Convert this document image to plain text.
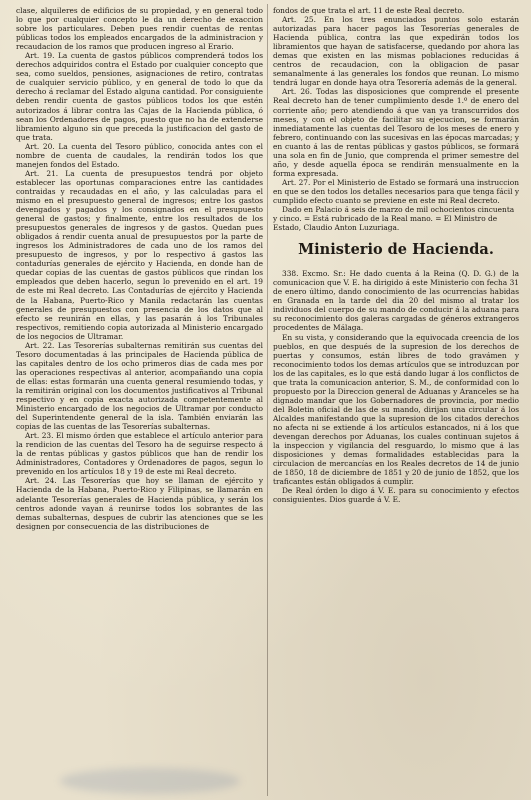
clase, alquileres de edificios de su propiedad, y en general todo lo que por cualquier concepto le da un derecho de exaccion sobre los particulares. Deben pues rendir cuentas de rentas públicas todos los empleados encargados de la administracion y recaudacion de los ramos que producen ingreso al Erario.

Art. 19. La cuenta de gastos públicos comprenderá todos los derechos adquiridos contra el Estado por cualquier concepto que sea, como sueldos, pensiones, asignaciones de retiro, contratas de cualquier servicio público, y en general de todo lo que da derecho á reclamar del Estado alguna cantidad. Por consiguiente deben rendir cuenta de gastos públicos todos los que estén autorizados á librar contra las Cajas de la Hacienda pública, ó sean los Ordenadores de pagos, puesto que no ha de extenderse libramiento alguno sin que preceda la justificacion del gasto de que trata.

Art. 20. La cuenta del Tesoro público, conocida antes con el nombre de cuenta de caudales, la rendirán todos los que manejen fondos del Estado.

Art. 21. La cuenta de presupuestos tendrá por objeto establecer las oportunas comparaciones entre las cantidades contraidas y recaudadas en el año, y las calculadas para el mismo en el presupuesto general de ingresos; entre los gastos devengados y pagados y los consignados en el presupuesto general de gastos; y finalmente, entre los resultados de los presupuestos generales de ingresos y de gastos. Quedan pues obligados á rendir cuenta anual de presupuestos por la parte de ingresos los Administradores de cada uno de los ramos del presupuesto de ingresos, y por lo respectivo á gastos las contadurías generales de ejército y Hacienda, en donde han de quedar copias de las cuentas de gastos públicos que rindan los empleados que deben hacerlo, segun lo prevenido en el art. 19 de este mi Real decreto. Las Contadurías de ejército y Hacienda de la Habana, Puerto-Rico y Manila redactarán las cuentas generales de presupuestos con presencia de los datos que al efecto se reunirán en ellas, y las pasarán á los Tribunales respectivos, remitiendo copia autorizada al Ministerio encargado de los negocios de Ultramar.

Art. 22. Las Tesorerías subalternas remitirán sus cuentas del Tesoro documentadas á las principales de Hacienda pública de las capitales dentro de los ocho primeros dias de cada mes por las operaciones respectivas al anterior, acompañando una copia de ellas: estas formarán una cuenta general resumiendo todas, y la remitirán original con los documentos justificativos al Tribunal respectivo y en copia exacta autorizada competentemente al Ministerio encargado de los negocios de Ultramar por conducto del Superintendente general de la isla. También enviarán las copias de las cuentas de las Tesorerías subalternas.

Art. 23. El mismo órden que establece el artículo anterior para la rendicion de las cuentas del Tesoro ha de seguirse respecto á la de rentas públicas y gastos públicos que han de rendir los Administradores, Contadores y Ordenadores de pagos, segun lo prevenido en los artículos 18 y 19 de este mi Real decreto.

Art. 24. Las Tesorerías que hoy se llaman de ejército y Hacienda de la Habana, Puerto-Rico y Filipinas, se llamarán en adelante Tesorerías generales de Hacienda pública, y serán los centros adonde vayan á reunirse todos los sobrantes de las demas subalternas, despues de cubrir las atenciones que se les designen por consecuencia de las distribuciones de

fondos de que trata el art. 11 de este Real decreto.

Art. 25. En los tres enunciados puntos solo estarán autorizadas para hacer pagos las Tesorerías generales de Hacienda pública, contra las que expedirán todos los libramientos que hayan de satisfacerse, quedando por ahora las demas que existen en las mismas poblaciones reducidas á centros de recaudacion, con la obligacion de pasar semanalmente á las generales los fondos que reunan. Lo mismo tendrá lugar en donde haya otra Tesorería además de la general.

Art. 26. Todas las disposiciones que comprende el presente Real decreto han de tener cumplimiento desde 1.º de enero del corriente año; pero atendiendo á que van ya transcurridos dos meses, y con el objeto de facilitar su ejecucion, se formarán inmediatamente las cuentas del Tesoro de los meses de enero y febrero, continuando con las sucesivas en las épocas marcadas; y en cuanto á las de rentas públicas y gastos públicos, se formará una sola en fin de Junio, que comprenda el primer semestre del año, y desde aquella época se rendirán mensualmente en la forma expresada.

Art. 27. Por el Ministerio de Estado se formará una instruccion en que se den todos los detalles necesarios para que tenga fácil y cumplido efecto cuanto se previene en este mi Real decreto.

Dado en Palacio á seis de marzo de mil ochocientos cincuenta y cinco. = Está rubricado de la Real mano. = El Ministro de Estado, Claudio Anton Luzuriaga.

Ministerio de Hacienda.

338. Excmo. Sr.: He dado cuenta á la Reina (Q. D. G.) de la comunicacion que V. E. ha dirigido á este Ministerio con fecha 31 de enero último, dando conocimiento de las ocurrencias habidas en Granada en la tarde del dia 20 del mismo al tratar los individuos del cuerpo de su mando de conducir á la aduana para su reconocimiento dos galeras cargadas de géneros extrangeros procedentes de Málaga.

En su vista, y considerando que la equivocada creencia de los pueblos, en que después de la supresion de los derechos de puertas y consumos, están libres de todo gravámen y reconocimiento todos los demas artículos que se introduzcan por los de las capitales, es lo que está dando lugar á los conflictos de que trata la comunicacion anterior, S. M., de conformidad con lo propuesto por la Direccion general de Aduanas y Aranceles se ha dignado mandar que los Gobernadores de provincia, por medio del Boletin oficial de las de su mando, dirijan una circular á los Alcaldes manifestando que la supresion de los citados derechos no afecta ni se extiende á los artículos estancados, ni á los que devengan derechos por Aduanas, los cuales continuan sujetos á la inspeccion y vigilancia del resguardo, lo mismo que á las disposiciones y demas formalidades establecidas para la circulacion de mercancías en los Reales decretos de 14 de junio de 1850, 18 de diciembre de 1851 y 20 de junio de 1852, que los traficantes están obligados á cumplir.

De Real órden lo digo á V. E. para su conocimiento y efectos consiguientes. Dios guarde á V. E.
